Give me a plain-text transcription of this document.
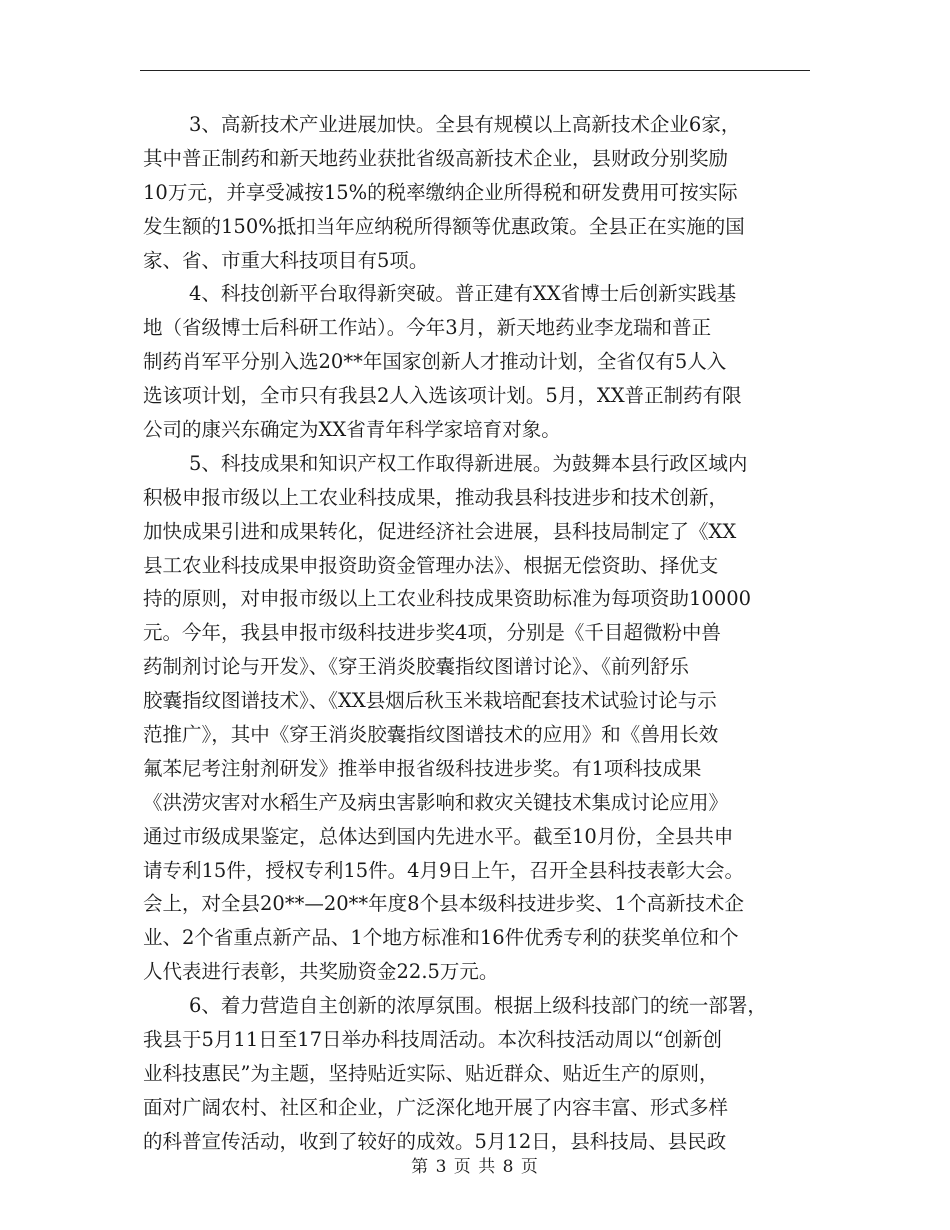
3、高新技术产业进展加快。全县有规模以上高新技术企业6家，
其中普正制药和新天地药业获批省级高新技术企业，县财政分别奖励
10万元，并享受减按15%的税率缴纳企业所得税和研发费用可按实际
发生额的150%抵扣当年应纳税所得额等优惠政策。全县正在实施的国
家、省、市重大科技项目有5项。
4、科技创新平台取得新突破。普正建有XX省博士后创新实践基
地（省级博士后科研工作站）。今年3月，新天地药业李龙瑞和普正
制药肖军平分别入选20**年国家创新人才推动计划，全省仅有5人入
选该项计划，全市只有我县2人入选该项计划。5月，XX普正制药有限
公司的康兴东确定为XX省青年科学家培育对象。
5、科技成果和知识产权工作取得新进展。为鼓舞本县行政区域内
积极申报市级以上工农业科技成果，推动我县科技进步和技术创新，
加快成果引进和成果转化，促进经济社会进展，县科技局制定了《XX
县工农业科技成果申报资助资金管理办法》、根据无偿资助、择优支
持的原则，对申报市级以上工农业科技成果资助标准为每项资助10000
元。今年，我县申报市级科技进步奖4项，分别是《千目超微粉中兽
药制剂讨论与开发》、《穿王消炎胶囊指纹图谱讨论》、《前列舒乐
胶囊指纹图谱技术》、《XX县烟后秋玉米栽培配套技术试验讨论与示
范推广》，其中《穿王消炎胶囊指纹图谱技术的应用》和《兽用长效
氟苯尼考注射剂研发》推举申报省级科技进步奖。有1项科技成果
《洪涝灾害对水稻生产及病虫害影响和救灾关键技术集成讨论应用》
通过市级成果鉴定，总体达到国内先进水平。截至10月份，全县共申
请专利15件，授权专利15件。4月9日上午，召开全县科技表彰大会。
会上，对全县20**—20**年度8个县本级科技进步奖、1个高新技术企
业、2个省重点新产品、1个地方标准和16件优秀专利的获奖单位和个
人代表进行表彰，共奖励资金22.5万元。
6、着力营造自主创新的浓厚氛围。根据上级科技部门的统一部署，
我县于5月11日至17日举办科技周活动。本次科技活动周以“创新创
业科技惠民”为主题，坚持贴近实际、贴近群众、贴近生产的原则，
面对广阔农村、社区和企业，广泛深化地开展了内容丰富、形式多样
的科普宣传活动，收到了较好的成效。5月12日，县科技局、县民政
第 3 页 共 8 页
